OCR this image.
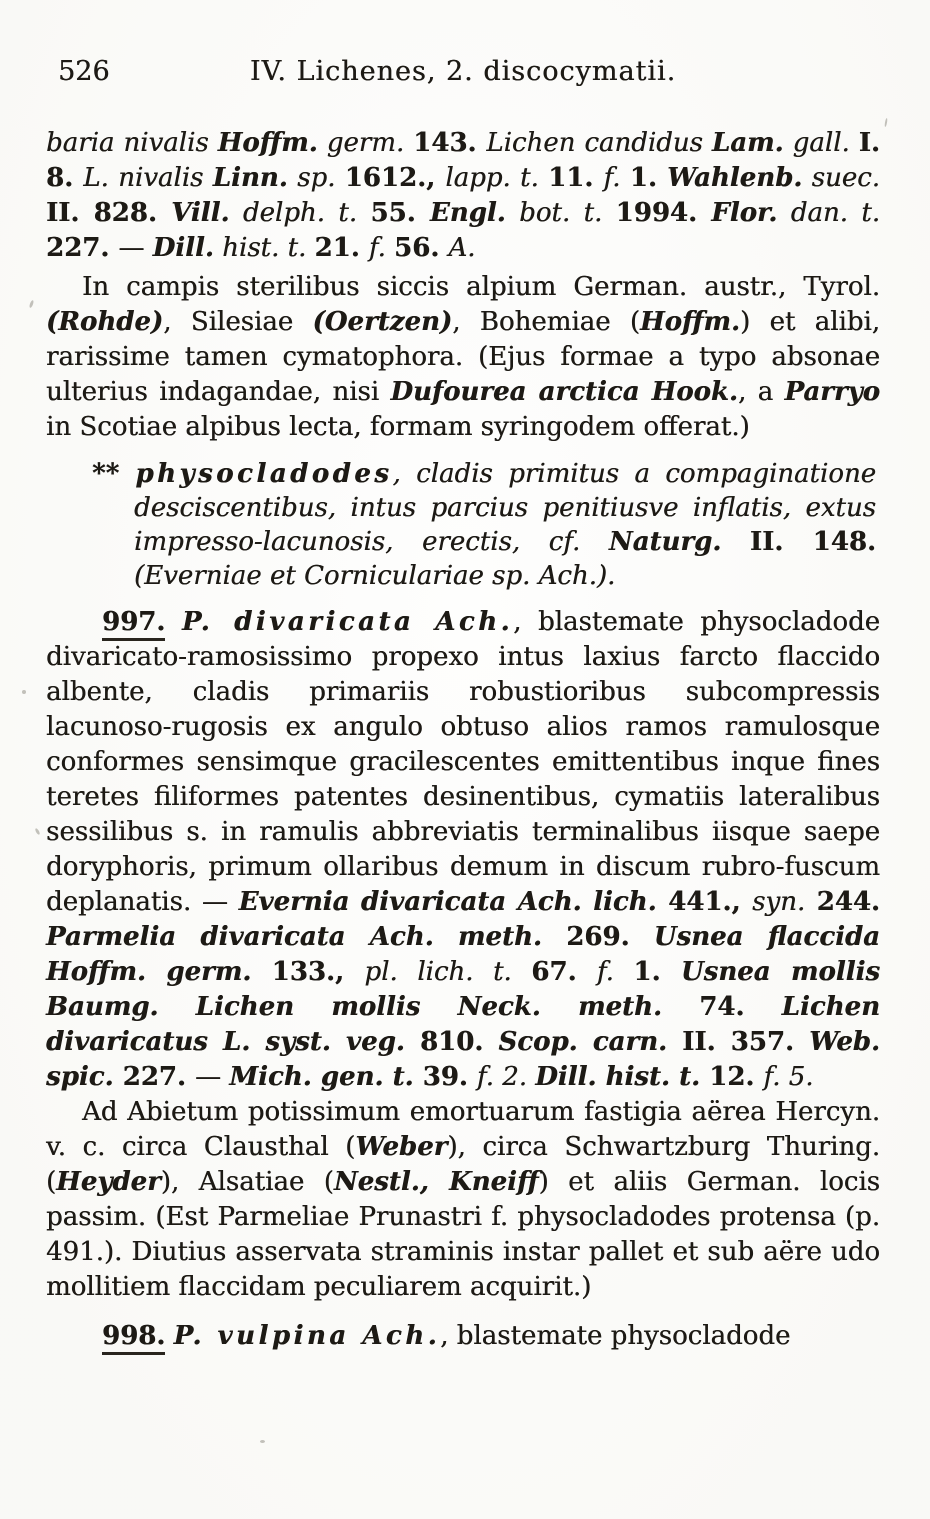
526	IV. Lichenes, 2. discocymatii.

baria nivalis Hoffm. germ. 143. Lichen candidus Lam. gall. I. 8. L. nivalis Linn. sp. 1612., lapp. t. 11. f. 1. Wahlenb. suec. II. 828. Vill. delph. t. 55. Engl. bot. t. 1994. Flor. dan. t. 227. — Dill. hist. t. 21. f. 56. A.

In campis sterilibus siccis alpium German. austr., Tyrol. (Rohde), Silesiae (Oertzen), Bohemiae (Hoffm.) et alibi, rarissime tamen cymatophora. (Ejus formae a typo absonae ulterius indagandae, nisi Dufourea arctica Hook., a Parryo in Scotiae alpibus lecta, formam syringodem offerat.)

** physocladodes, cladis primitus a compaginatione desciscentibus, intus parcius penitiusve inflatis, extus impresso-lacunosis, erectis, cf. Naturg. II. 148. (Everniae et Corniculariae sp. Ach.).

997. P. divaricata Ach., blastemate physocladode divaricato-ramosissimo propexo intus laxius farcto flaccido albente, cladis primariis robustioribus subcompressis lacunoso-rugosis ex angulo obtuso alios ramos ramulosque conformes sensimque gracilescentes emittentibus inque fines teretes filiformes patentes desinentibus, cymatiis lateralibus sessilibus s. in ramulis abbreviatis terminalibus iisque saepe doryphoris, primum ollaribus demum in discum rubro-fuscum deplanatis. — Evernia divaricata Ach. lich. 441., syn. 244. Parmelia divaricata Ach. meth. 269. Usnea flaccida Hoffm. germ. 133., pl. lich. t. 67. f. 1. Usnea mollis Baumg. Lichen mollis Neck. meth. 74. Lichen divaricatus L. syst. veg. 810. Scop. carn. II. 357. Web. spic. 227. — Mich. gen. t. 39. f. 2. Dill. hist. t. 12. f. 5.

Ad Abietum potissimum emortuarum fastigia aërea Hercyn. v. c. circa Clausthal (Weber), circa Schwartzburg Thuring. (Heyder), Alsatiae (Nestl., Kneiff) et aliis German. locis passim. (Est Parmeliae Prunastri f. physocladodes protensa (p. 491.). Diutius asservata straminis instar pallet et sub aëre udo mollitiem flaccidam peculiarem acquirit.)

998. P. vulpina Ach., blastemate physocladode
